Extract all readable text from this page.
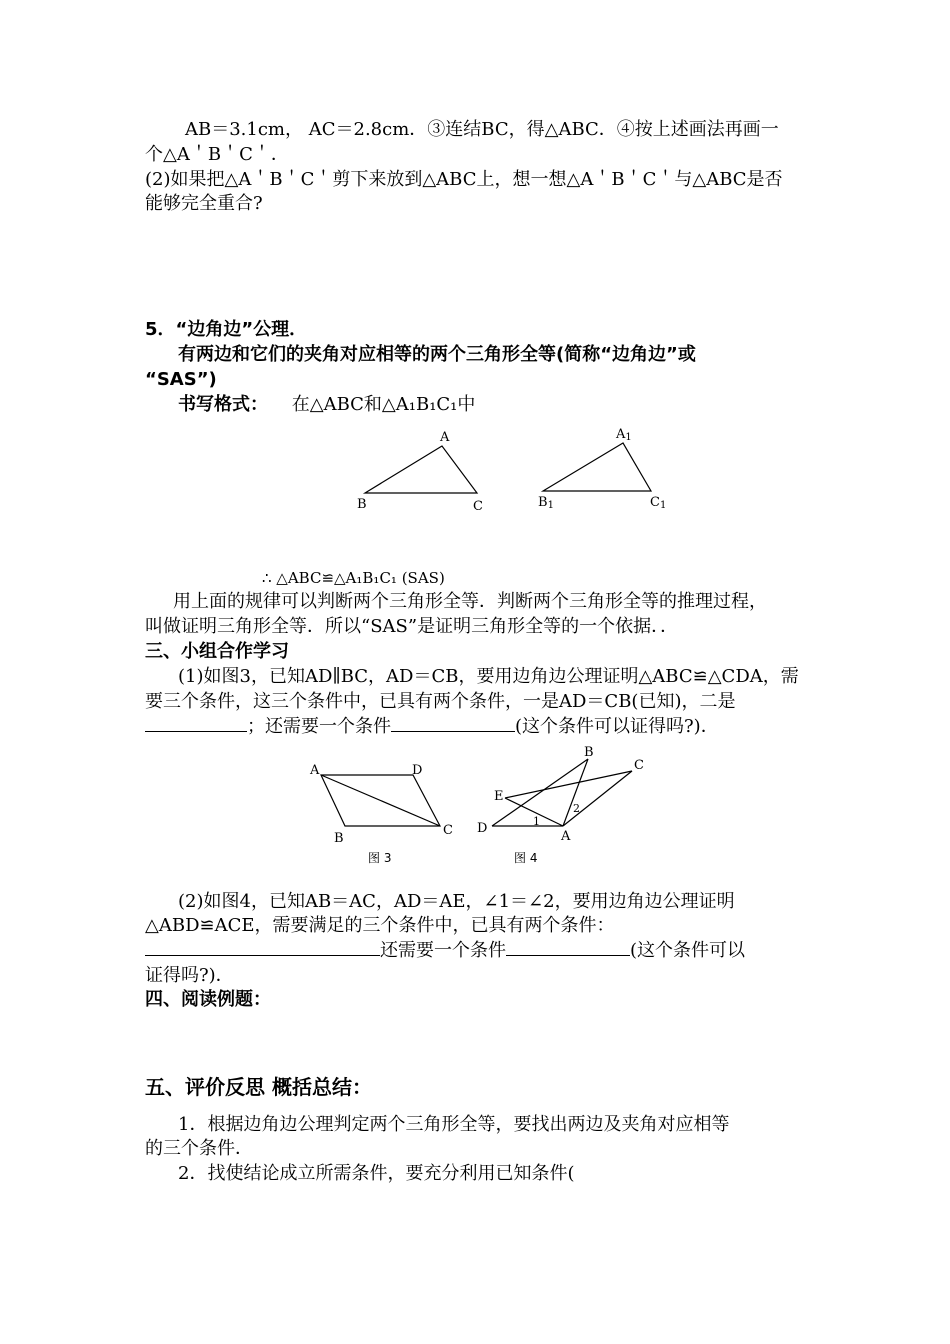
AB＝3.1cm， AC＝2.8cm．③连结BC，得△ABC．④按上述画法再画一
个△A＇B＇C＇．
(2)如果把△A＇B＇C＇剪下来放到△ABC上，想一想△A＇B＇C＇与△ABC是否
能够完全重合?
5．“边角边”公理．
有两边和它们的夹角对应相等的两个三角形全等(简称“边角边”或
“SAS”)
书写格式： 在△ABC和△A₁B₁C₁中
A
B	C
A1
B1	C1
A	D
B
C
图 3
B
C
E
D
A
1
2
图 4
∴ △ABC≌△A₁B₁C₁ (SAS)
用上面的规律可以判断两个三角形全等．判断两个三角形全等的推理过程，
叫做证明三角形全等．所以“SAS”是证明三角形全等的一个依据．．
三、小组合作学习
(1)如图3，已知AD∥BC，AD＝CB，要用边角边公理证明△ABC≌△CDA，需
要三个条件，这三个条件中，已具有两个条件，一是AD＝CB(已知)，二是
；还需要一个条件	(这个条件可以证得吗?)．
(2)如图4，已知AB＝AC，AD＝AE，∠1＝∠2，要用边角边公理证明
△ABD≌ACE，需要满足的三个条件中，已具有两个条件：
还需要一个条件	(这个条件可以
证得吗?)．
四、阅读例题：
五、评价反思 概括总结：
1．根据边角边公理判定两个三角形全等，要找出两边及夹角对应相等
的三个条件．
2．找使结论成立所需条件，要充分利用已知条件(
